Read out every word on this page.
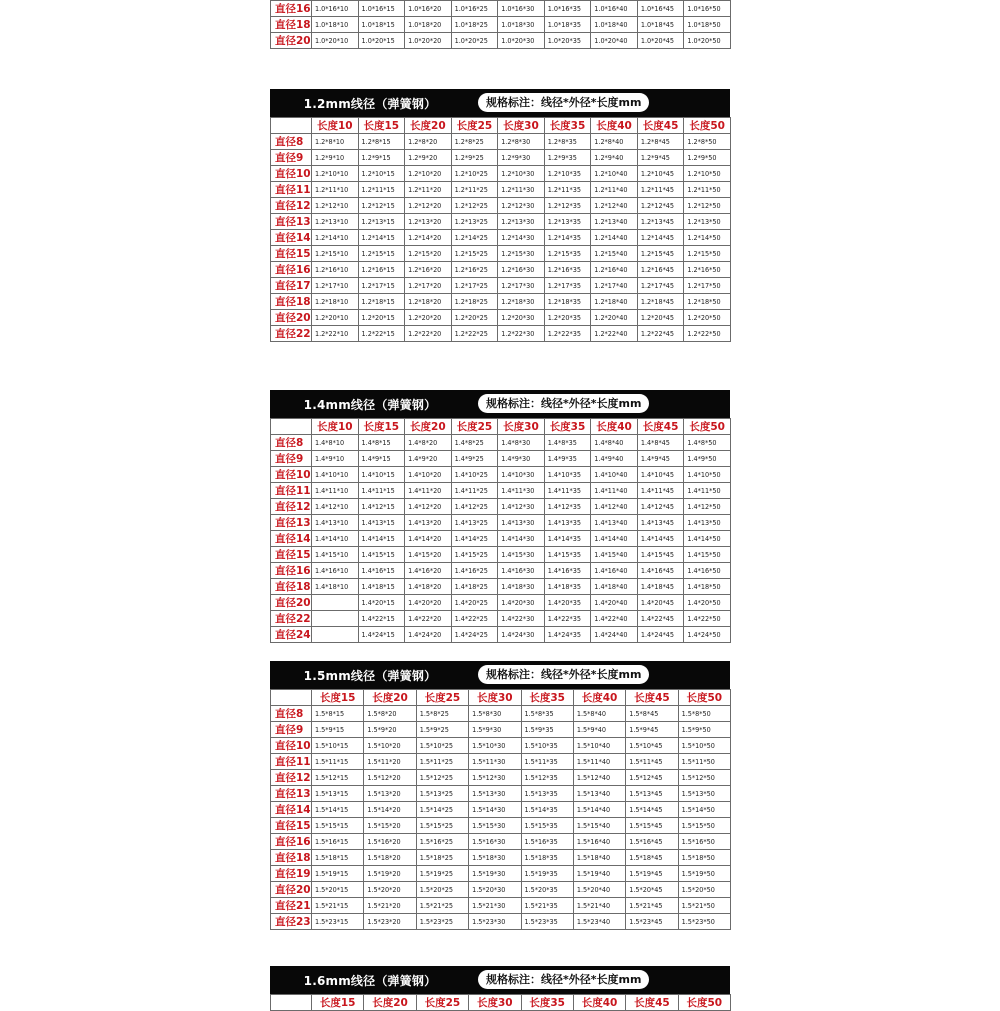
直径16	1.0*16*10	1.0*16*15	1.0*16*20	1.0*16*25	1.0*16*30	1.0*16*35	1.0*16*40	1.0*16*45	1.0*16*50
直径18	1.0*18*10	1.0*18*15	1.0*18*20	1.0*18*25	1.0*18*30	1.0*18*35	1.0*18*40	1.0*18*45	1.0*18*50
直径20	1.0*20*10	1.0*20*15	1.0*20*20	1.0*20*25	1.0*20*30	1.0*20*35	1.0*20*40	1.0*20*45	1.0*20*50
1.2mm线径（弹簧钢）	规格标注：线径*外径*长度mm
	长度10	长度15	长度20	长度25	长度30	长度35	长度40	长度45	长度50
直径8	1.2*8*10	1.2*8*15	1.2*8*20	1.2*8*25	1.2*8*30	1.2*8*35	1.2*8*40	1.2*8*45	1.2*8*50
直径9	1.2*9*10	1.2*9*15	1.2*9*20	1.2*9*25	1.2*9*30	1.2*9*35	1.2*9*40	1.2*9*45	1.2*9*50
直径10	1.2*10*10	1.2*10*15	1.2*10*20	1.2*10*25	1.2*10*30	1.2*10*35	1.2*10*40	1.2*10*45	1.2*10*50
直径11	1.2*11*10	1.2*11*15	1.2*11*20	1.2*11*25	1.2*11*30	1.2*11*35	1.2*11*40	1.2*11*45	1.2*11*50
直径12	1.2*12*10	1.2*12*15	1.2*12*20	1.2*12*25	1.2*12*30	1.2*12*35	1.2*12*40	1.2*12*45	1.2*12*50
直径13	1.2*13*10	1.2*13*15	1.2*13*20	1.2*13*25	1.2*13*30	1.2*13*35	1.2*13*40	1.2*13*45	1.2*13*50
直径14	1.2*14*10	1.2*14*15	1.2*14*20	1.2*14*25	1.2*14*30	1.2*14*35	1.2*14*40	1.2*14*45	1.2*14*50
直径15	1.2*15*10	1.2*15*15	1.2*15*20	1.2*15*25	1.2*15*30	1.2*15*35	1.2*15*40	1.2*15*45	1.2*15*50
直径16	1.2*16*10	1.2*16*15	1.2*16*20	1.2*16*25	1.2*16*30	1.2*16*35	1.2*16*40	1.2*16*45	1.2*16*50
直径17	1.2*17*10	1.2*17*15	1.2*17*20	1.2*17*25	1.2*17*30	1.2*17*35	1.2*17*40	1.2*17*45	1.2*17*50
直径18	1.2*18*10	1.2*18*15	1.2*18*20	1.2*18*25	1.2*18*30	1.2*18*35	1.2*18*40	1.2*18*45	1.2*18*50
直径20	1.2*20*10	1.2*20*15	1.2*20*20	1.2*20*25	1.2*20*30	1.2*20*35	1.2*20*40	1.2*20*45	1.2*20*50
直径22	1.2*22*10	1.2*22*15	1.2*22*20	1.2*22*25	1.2*22*30	1.2*22*35	1.2*22*40	1.2*22*45	1.2*22*50
1.4mm线径（弹簧钢）	规格标注：线径*外径*长度mm
	长度10	长度15	长度20	长度25	长度30	长度35	长度40	长度45	长度50
直径8	1.4*8*10	1.4*8*15	1.4*8*20	1.4*8*25	1.4*8*30	1.4*8*35	1.4*8*40	1.4*8*45	1.4*8*50
直径9	1.4*9*10	1.4*9*15	1.4*9*20	1.4*9*25	1.4*9*30	1.4*9*35	1.4*9*40	1.4*9*45	1.4*9*50
直径10	1.4*10*10	1.4*10*15	1.4*10*20	1.4*10*25	1.4*10*30	1.4*10*35	1.4*10*40	1.4*10*45	1.4*10*50
直径11	1.4*11*10	1.4*11*15	1.4*11*20	1.4*11*25	1.4*11*30	1.4*11*35	1.4*11*40	1.4*11*45	1.4*11*50
直径12	1.4*12*10	1.4*12*15	1.4*12*20	1.4*12*25	1.4*12*30	1.4*12*35	1.4*12*40	1.4*12*45	1.4*12*50
直径13	1.4*13*10	1.4*13*15	1.4*13*20	1.4*13*25	1.4*13*30	1.4*13*35	1.4*13*40	1.4*13*45	1.4*13*50
直径14	1.4*14*10	1.4*14*15	1.4*14*20	1.4*14*25	1.4*14*30	1.4*14*35	1.4*14*40	1.4*14*45	1.4*14*50
直径15	1.4*15*10	1.4*15*15	1.4*15*20	1.4*15*25	1.4*15*30	1.4*15*35	1.4*15*40	1.4*15*45	1.4*15*50
直径16	1.4*16*10	1.4*16*15	1.4*16*20	1.4*16*25	1.4*16*30	1.4*16*35	1.4*16*40	1.4*16*45	1.4*16*50
直径18	1.4*18*10	1.4*18*15	1.4*18*20	1.4*18*25	1.4*18*30	1.4*18*35	1.4*18*40	1.4*18*45	1.4*18*50
直径20		1.4*20*15	1.4*20*20	1.4*20*25	1.4*20*30	1.4*20*35	1.4*20*40	1.4*20*45	1.4*20*50
直径22		1.4*22*15	1.4*22*20	1.4*22*25	1.4*22*30	1.4*22*35	1.4*22*40	1.4*22*45	1.4*22*50
直径24		1.4*24*15	1.4*24*20	1.4*24*25	1.4*24*30	1.4*24*35	1.4*24*40	1.4*24*45	1.4*24*50
1.5mm线径（弹簧钢）	规格标注：线径*外径*长度mm
	长度15	长度20	长度25	长度30	长度35	长度40	长度45	长度50
直径8	1.5*8*15	1.5*8*20	1.5*8*25	1.5*8*30	1.5*8*35	1.5*8*40	1.5*8*45	1.5*8*50
直径9	1.5*9*15	1.5*9*20	1.5*9*25	1.5*9*30	1.5*9*35	1.5*9*40	1.5*9*45	1.5*9*50
直径10	1.5*10*15	1.5*10*20	1.5*10*25	1.5*10*30	1.5*10*35	1.5*10*40	1.5*10*45	1.5*10*50
直径11	1.5*11*15	1.5*11*20	1.5*11*25	1.5*11*30	1.5*11*35	1.5*11*40	1.5*11*45	1.5*11*50
直径12	1.5*12*15	1.5*12*20	1.5*12*25	1.5*12*30	1.5*12*35	1.5*12*40	1.5*12*45	1.5*12*50
直径13	1.5*13*15	1.5*13*20	1.5*13*25	1.5*13*30	1.5*13*35	1.5*13*40	1.5*13*45	1.5*13*50
直径14	1.5*14*15	1.5*14*20	1.5*14*25	1.5*14*30	1.5*14*35	1.5*14*40	1.5*14*45	1.5*14*50
直径15	1.5*15*15	1.5*15*20	1.5*15*25	1.5*15*30	1.5*15*35	1.5*15*40	1.5*15*45	1.5*15*50
直径16	1.5*16*15	1.5*16*20	1.5*16*25	1.5*16*30	1.5*16*35	1.5*16*40	1.5*16*45	1.5*16*50
直径18	1.5*18*15	1.5*18*20	1.5*18*25	1.5*18*30	1.5*18*35	1.5*18*40	1.5*18*45	1.5*18*50
直径19	1.5*19*15	1.5*19*20	1.5*19*25	1.5*19*30	1.5*19*35	1.5*19*40	1.5*19*45	1.5*19*50
直径20	1.5*20*15	1.5*20*20	1.5*20*25	1.5*20*30	1.5*20*35	1.5*20*40	1.5*20*45	1.5*20*50
直径21	1.5*21*15	1.5*21*20	1.5*21*25	1.5*21*30	1.5*21*35	1.5*21*40	1.5*21*45	1.5*21*50
直径23	1.5*23*15	1.5*23*20	1.5*23*25	1.5*23*30	1.5*23*35	1.5*23*40	1.5*23*45	1.5*23*50
1.6mm线径（弹簧钢）	规格标注：线径*外径*长度mm
	长度15	长度20	长度25	长度30	长度35	长度40	长度45	长度50
